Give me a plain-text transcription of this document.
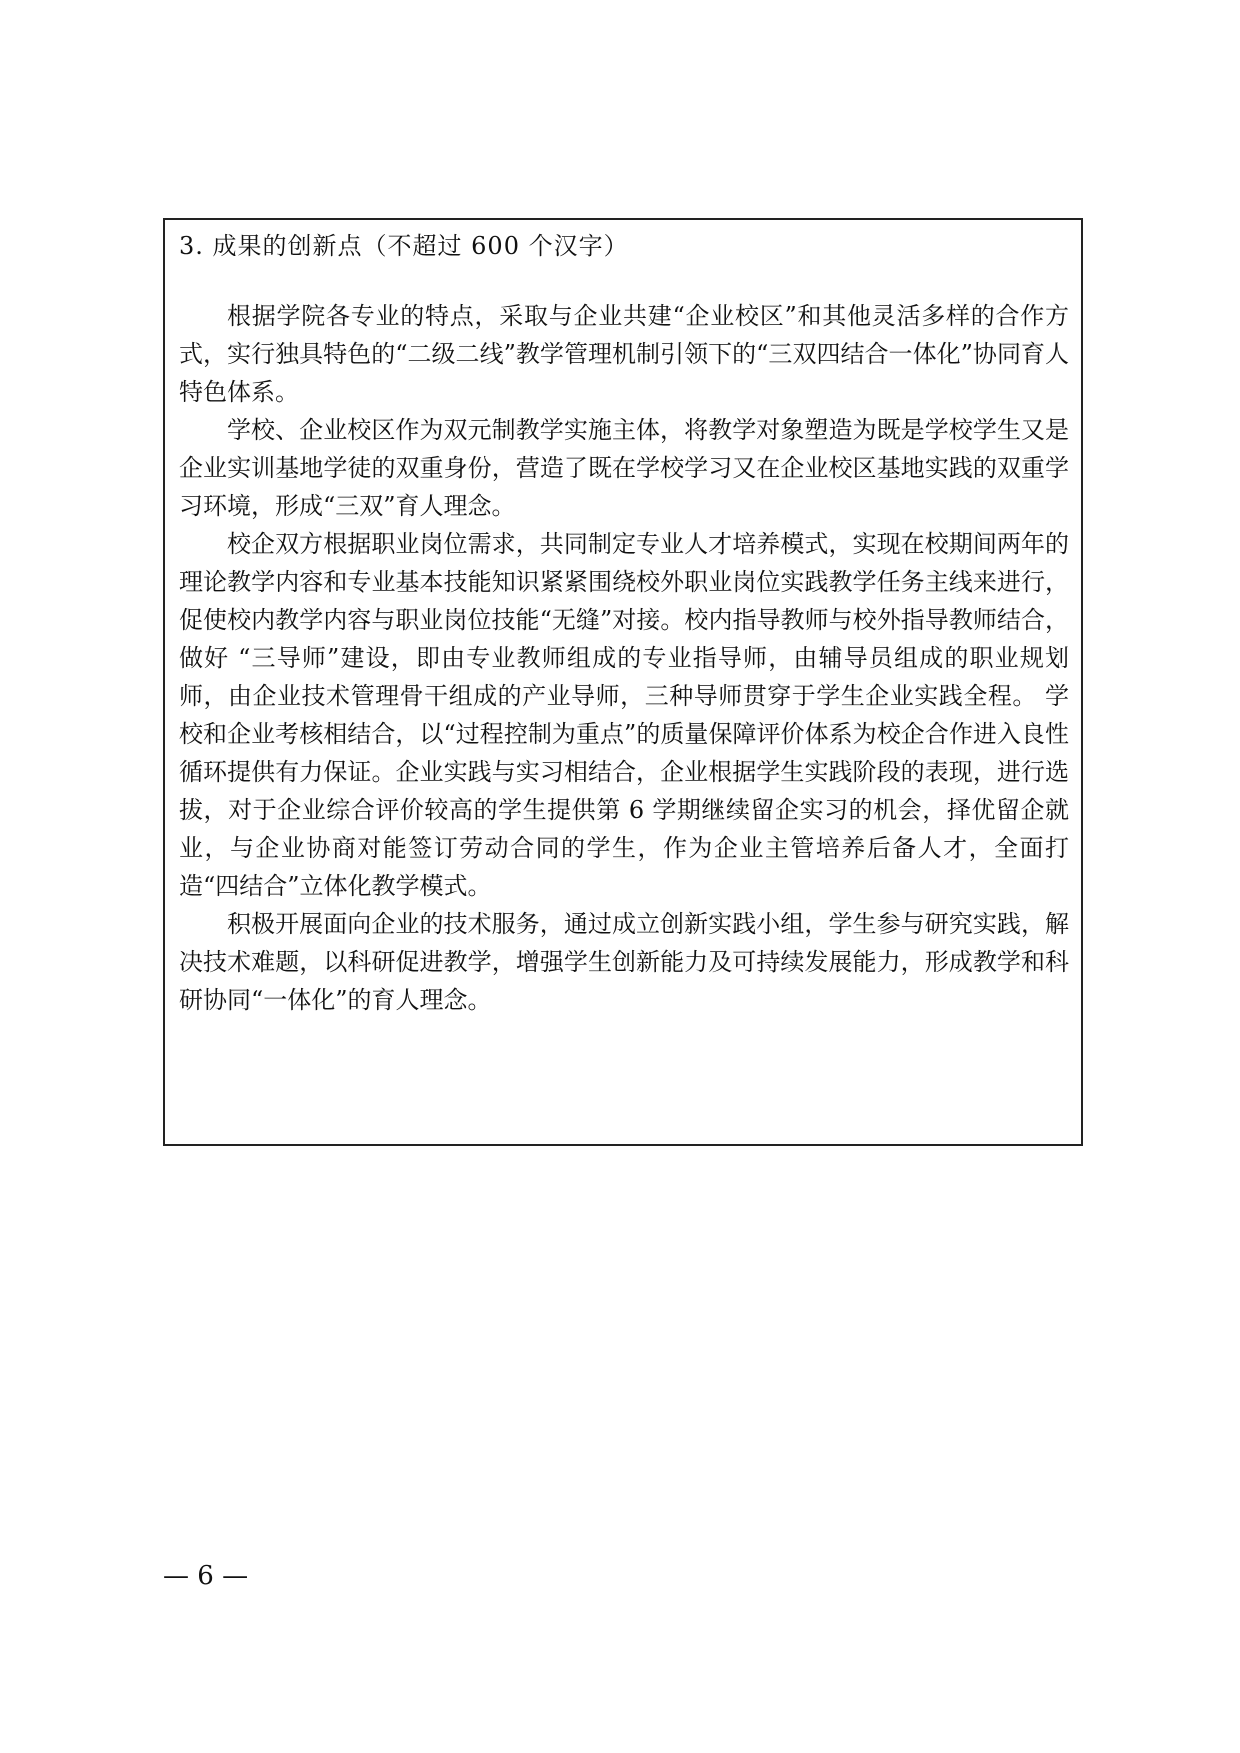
3. 成果的创新点（不超过 600 个汉字）

根据学院各专业的特点，采取与企业共建“企业校区”和其他灵活多样的合作方式，实行独具特色的“二级二线”教学管理机制引领下的“三双四结合一体化”协同育人特色体系。

学校、企业校区作为双元制教学实施主体，将教学对象塑造为既是学校学生又是企业实训基地学徒的双重身份，营造了既在学校学习又在企业校区基地实践的双重学习环境，形成“三双”育人理念。

校企双方根据职业岗位需求，共同制定专业人才培养模式，实现在校期间两年的理论教学内容和专业基本技能知识紧紧围绕校外职业岗位实践教学任务主线来进行，促使校内教学内容与职业岗位技能“无缝”对接。校内指导教师与校外指导教师结合，做好 “三导师”建设，即由专业教师组成的专业指导师，由辅导员组成的职业规划师，由企业技术管理骨干组成的产业导师，三种导师贯穿于学生企业实践全程。 学校和企业考核相结合，以“过程控制为重点”的质量保障评价体系为校企合作进入良性循环提供有力保证。企业实践与实习相结合，企业根据学生实践阶段的表现，进行选拔，对于企业综合评价较高的学生提供第 6 学期继续留企实习的机会，择优留企就业，与企业协商对能签订劳动合同的学生，作为企业主管培养后备人才，全面打造“四结合”立体化教学模式。

积极开展面向企业的技术服务，通过成立创新实践小组，学生参与研究实践，解决技术难题，以科研促进教学，增强学生创新能力及可持续发展能力，形成教学和科研协同“一体化”的育人理念。

— 6 —
